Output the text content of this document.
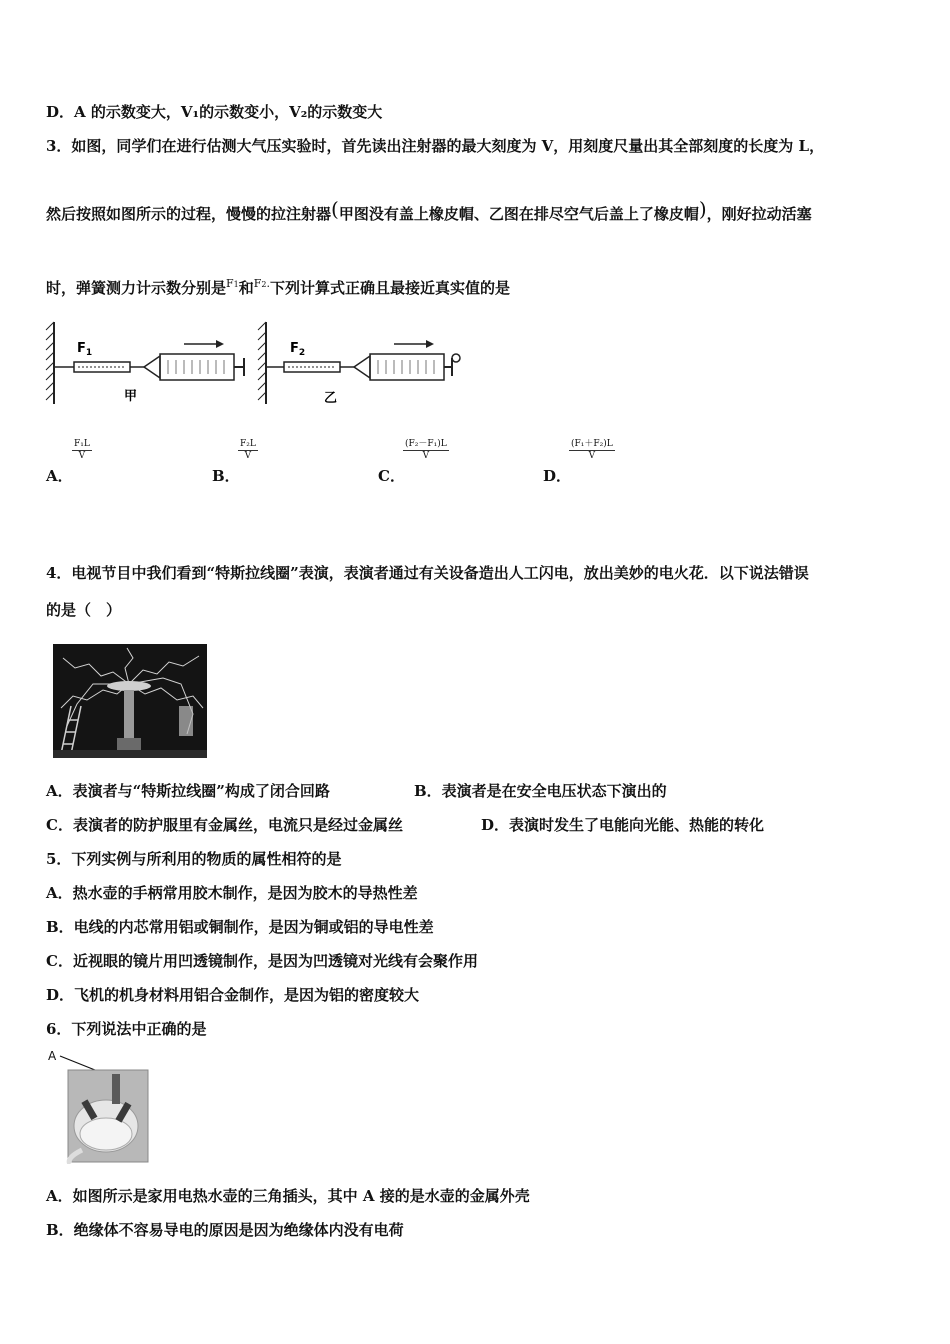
D．A 的示数变大，V₁的示数变小，V₂的示数变大
3．如图，同学们在进行估测大气压实验时，首先读出注射器的最大刻度为 V，用刻度尺量出其全部刻度的长度为 L，
然后按照如图所示的过程，慢慢的拉注射器(甲图没有盖上橡皮帽、乙图在排尽空气后盖上了橡皮帽)，刚好拉动活塞
时，弹簧测力计示数分别是$^{F1}$和$^{F2.}$下列计算式正确且最接近真实值的是
$F_1$
甲
$F_2$
乙
A．
$\frac{\text{F₁L}}{V}$
B．
$\frac{\text{F₂L}}{V}$
C．
$\frac{\text{(F₂－F₁)L}}{V}$
D．
$\frac{\text{(F₁＋F₂)L}}{V}$
4．电视节目中我们看到“特斯拉线圈”表演，表演者通过有关设备造出人工闪电，放出美妙的电火花．以下说法错误
的是（　）
A．表演者与“特斯拉线圈”构成了闭合回路	B．表演者是在安全电压状态下演出的
C．表演者的防护服里有金属丝，电流只是经过金属丝	D．表演时发生了电能向光能、热能的转化
5．下列实例与所利用的物质的属性相符的是
A．热水壶的手柄常用胶木制作，是因为胶木的导热性差
B．电线的内芯常用铝或铜制作，是因为铜或铝的导电性差
C．近视眼的镜片用凹透镜制作，是因为凹透镜对光线有会聚作用
D．飞机的机身材料用铝合金制作，是因为铝的密度较大
6．下列说法中正确的是
A
A．如图所示是家用电热水壶的三角插头，其中 A 接的是水壶的金属外壳
B．绝缘体不容易导电的原因是因为绝缘体内没有电荷
